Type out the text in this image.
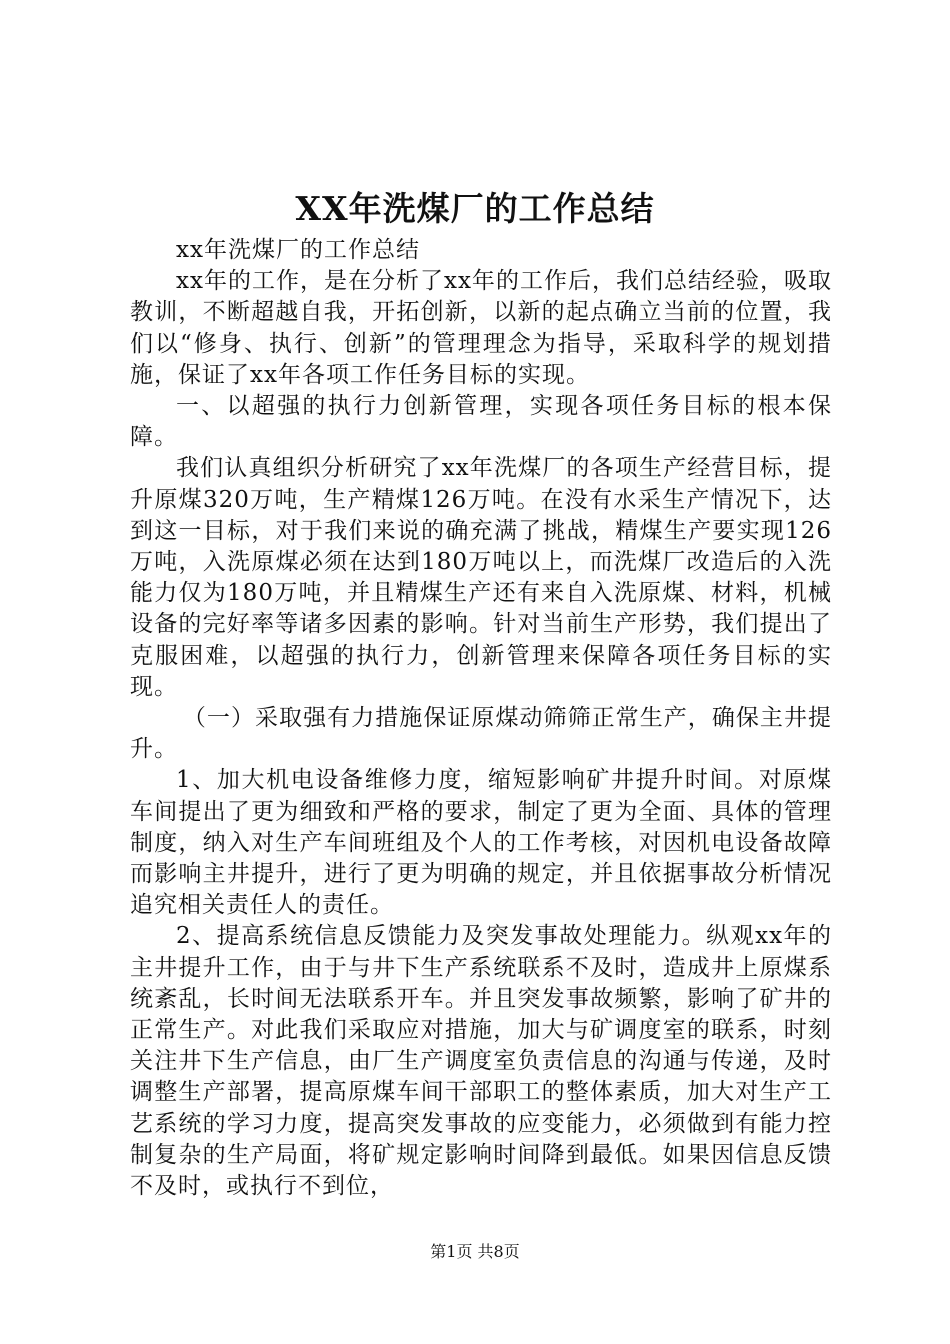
XX年洗煤厂的工作总结

xx年洗煤厂的工作总结

xx年的工作，是在分析了xx年的工作后，我们总结经验，吸取教训，不断超越自我，开拓创新，以新的起点确立当前的位置，我们以“修身、执行、创新”的管理理念为指导，采取科学的规划措施，保证了xx年各项工作任务目标的实现。

一、以超强的执行力创新管理，实现各项任务目标的根本保障。

我们认真组织分析研究了xx年洗煤厂的各项生产经营目标，提升原煤320万吨，生产精煤126万吨。在没有水采生产情况下，达到这一目标，对于我们来说的确充满了挑战，精煤生产要实现126万吨，入洗原煤必须在达到180万吨以上，而洗煤厂改造后的入洗能力仅为180万吨，并且精煤生产还有来自入洗原煤、材料，机械设备的完好率等诸多因素的影响。针对当前生产形势，我们提出了克服困难，以超强的执行力，创新管理来保障各项任务目标的实现。

（一）采取强有力措施保证原煤动筛筛正常生产，确保主井提升。

1、加大机电设备维修力度，缩短影响矿井提升时间。对原煤车间提出了更为细致和严格的要求，制定了更为全面、具体的管理制度，纳入对生产车间班组及个人的工作考核，对因机电设备故障而影响主井提升，进行了更为明确的规定，并且依据事故分析情况追究相关责任人的责任。

2、提高系统信息反馈能力及突发事故处理能力。纵观xx年的主井提升工作，由于与井下生产系统联系不及时，造成井上原煤系统紊乱，长时间无法联系开车。并且突发事故频繁，影响了矿井的正常生产。对此我们采取应对措施，加大与矿调度室的联系，时刻关注井下生产信息，由厂生产调度室负责信息的沟通与传递，及时调整生产部署，提高原煤车间干部职工的整体素质，加大对生产工艺系统的学习力度，提高突发事故的应变能力，必须做到有能力控制复杂的生产局面，将矿规定影响时间降到最低。如果因信息反馈不及时，或执行不到位，

第1页 共8页
